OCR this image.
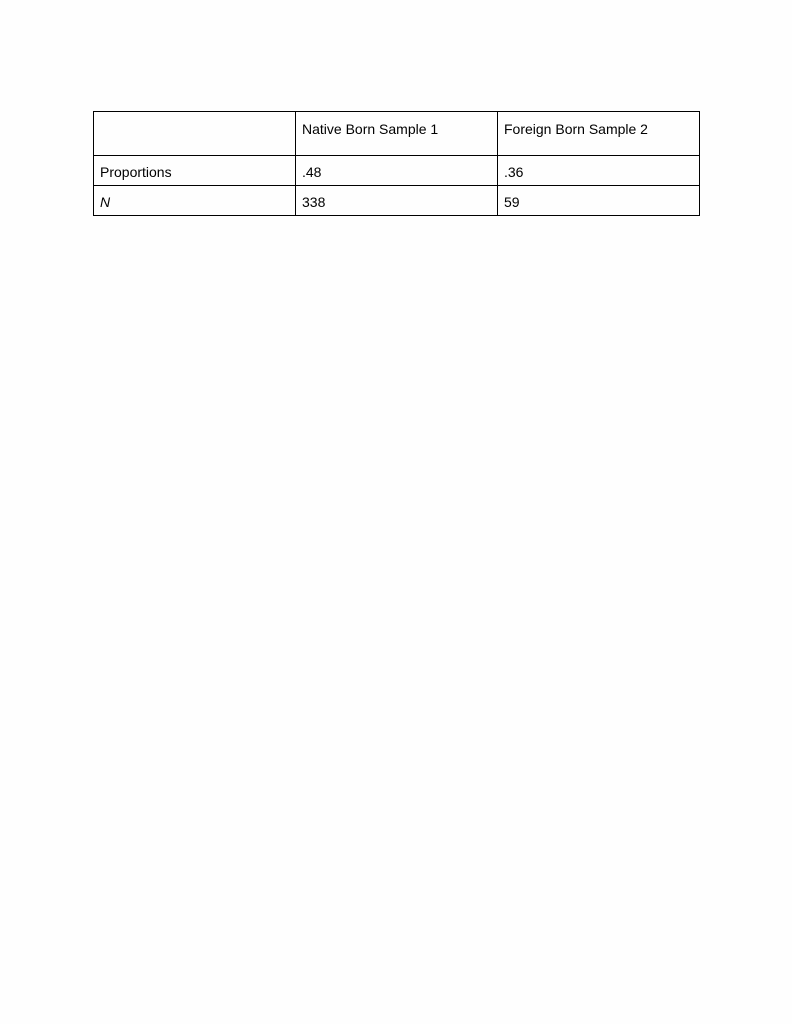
	Native Born Sample 1	Foreign Born Sample 2
Proportions	.48	.36
N	338	59
